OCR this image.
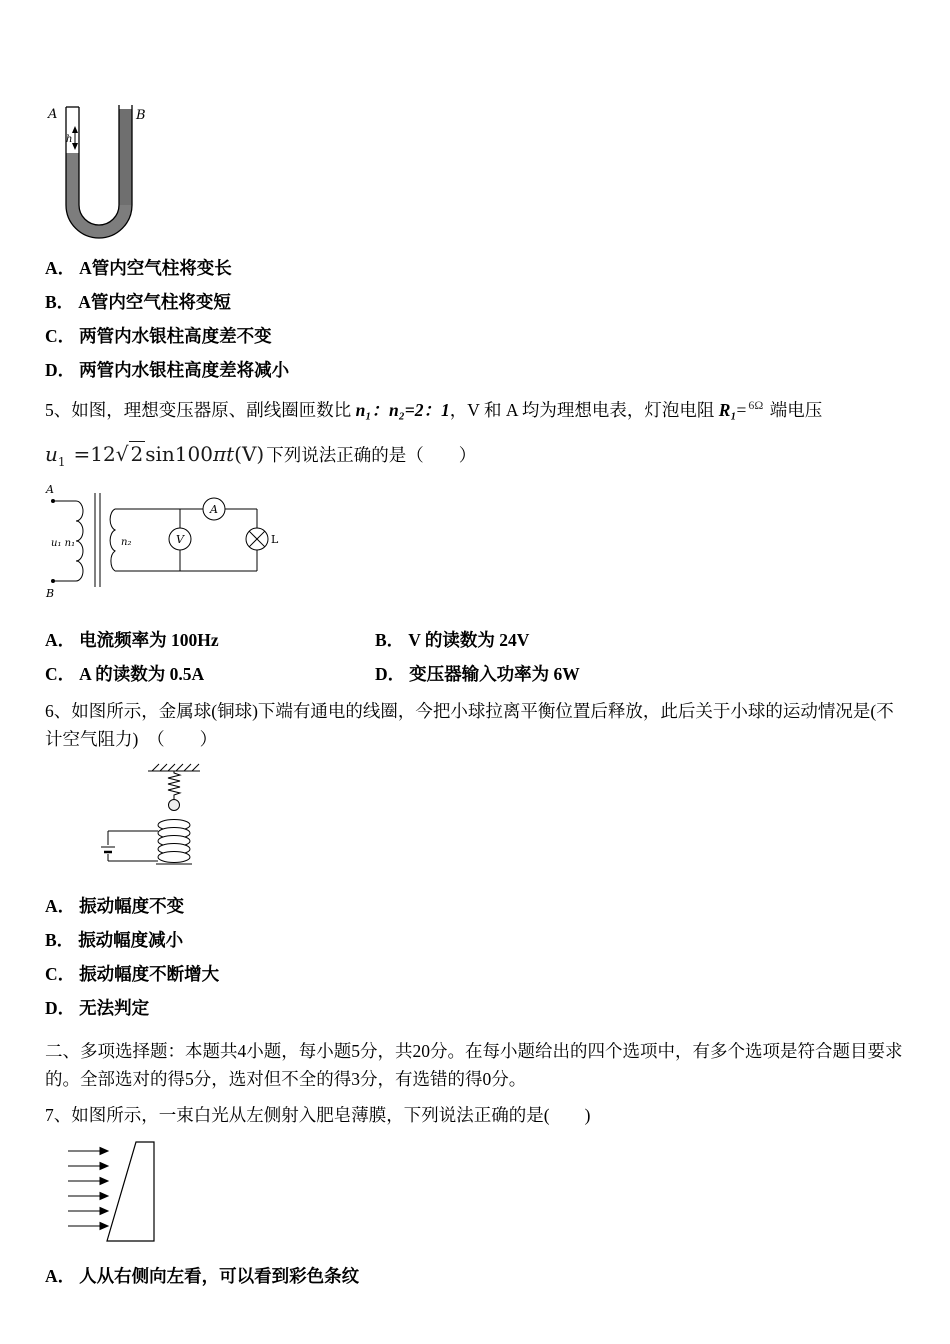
A
h
B
A． A管内空气柱将变长
B． A管内空气柱将变短
C． 两管内水银柱高度差不变
D． 两管内水银柱高度差将减小

5、如图，理想变压器原、副线圈匝数比 n₁：n₂=2：1，V 和 A 均为理想电表，灯泡电阻 R₁= $^{6\Omega}$ 端电压

$u_1 =12√$ 2 sin100πt(V) 下列说法正确的是（　　）
A
B
u₁ n₁	n₂
A
V	L
A． 电流频率为 100Hz	B． V 的读数为 24V
C． A 的读数为 0.5A	D． 变压器输入功率为 6W

6、如图所示，金属球(铜球)下端有通电的线圈，今把小球拉离平衡位置后释放，此后关于小球的运动情况是(不计空气阻力)　（　　）

A． 振动幅度不变
B． 振动幅度减小
C． 振动幅度不断增大
D． 无法判定

二、多项选择题：本题共4小题，每小题5分，共20分。在每小题给出的四个选项中，有多个选项是符合题目要求的。全部选对的得5分，选对但不全的得3分，有选错的得0分。

7、如图所示，一束白光从左侧射入肥皂薄膜，下列说法正确的是(　　)

A． 人从右侧向左看，可以看到彩色条纹
